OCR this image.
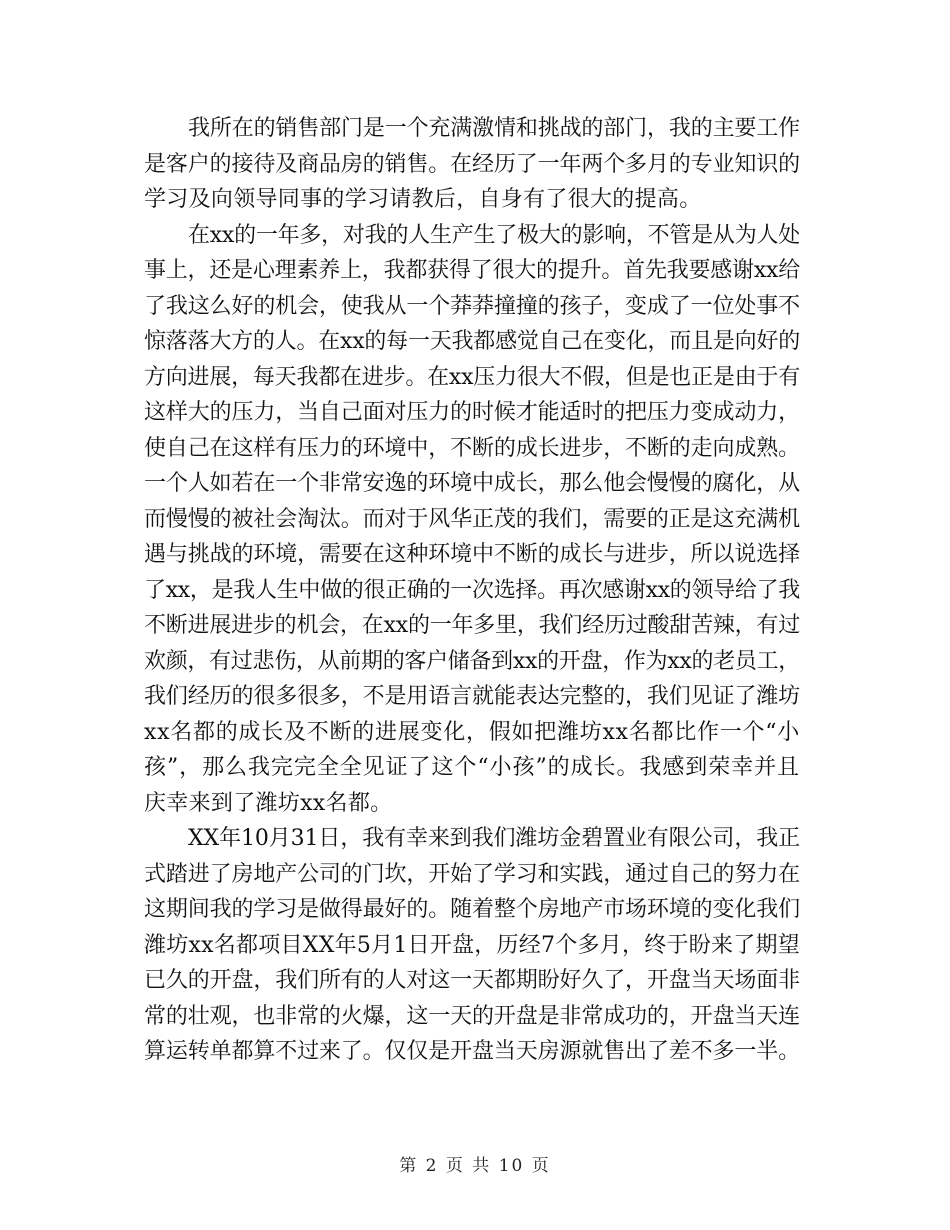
我所在的销售部门是一个充满激情和挑战的部门，我的主要工作
是客户的接待及商品房的销售。在经历了一年两个多月的专业知识的
学习及向领导同事的学习请教后，自身有了很大的提高。
在xx的一年多，对我的人生产生了极大的影响，不管是从为人处
事上，还是心理素养上，我都获得了很大的提升。首先我要感谢xx给
了我这么好的机会，使我从一个莽莽撞撞的孩子，变成了一位处事不
惊落落大方的人。在xx的每一天我都感觉自己在变化，而且是向好的
方向进展，每天我都在进步。在xx压力很大不假，但是也正是由于有
这样大的压力，当自己面对压力的时候才能适时的把压力变成动力，
使自己在这样有压力的环境中，不断的成长进步，不断的走向成熟。
一个人如若在一个非常安逸的环境中成长，那么他会慢慢的腐化，从
而慢慢的被社会淘汰。而对于风华正茂的我们，需要的正是这充满机
遇与挑战的环境，需要在这种环境中不断的成长与进步，所以说选择
了xx，是我人生中做的很正确的一次选择。再次感谢xx的领导给了我
不断进展进步的机会，在xx的一年多里，我们经历过酸甜苦辣，有过
欢颜，有过悲伤，从前期的客户储备到xx的开盘，作为xx的老员工，
我们经历的很多很多，不是用语言就能表达完整的，我们见证了潍坊
xx名都的成长及不断的进展变化，假如把潍坊xx名都比作一个“小
孩”，那么我完完全全见证了这个“小孩”的成长。我感到荣幸并且
庆幸来到了潍坊xx名都。
XX年10月31日，我有幸来到我们潍坊金碧置业有限公司，我正
式踏进了房地产公司的门坎，开始了学习和实践，通过自己的努力在
这期间我的学习是做得最好的。随着整个房地产市场环境的变化我们
潍坊xx名都项目XX年5月1日开盘，历经7个多月，终于盼来了期望
已久的开盘，我们所有的人对这一天都期盼好久了，开盘当天场面非
常的壮观，也非常的火爆，这一天的开盘是非常成功的，开盘当天连
算运转单都算不过来了。仅仅是开盘当天房源就售出了差不多一半。
第 2 页 共 10 页
